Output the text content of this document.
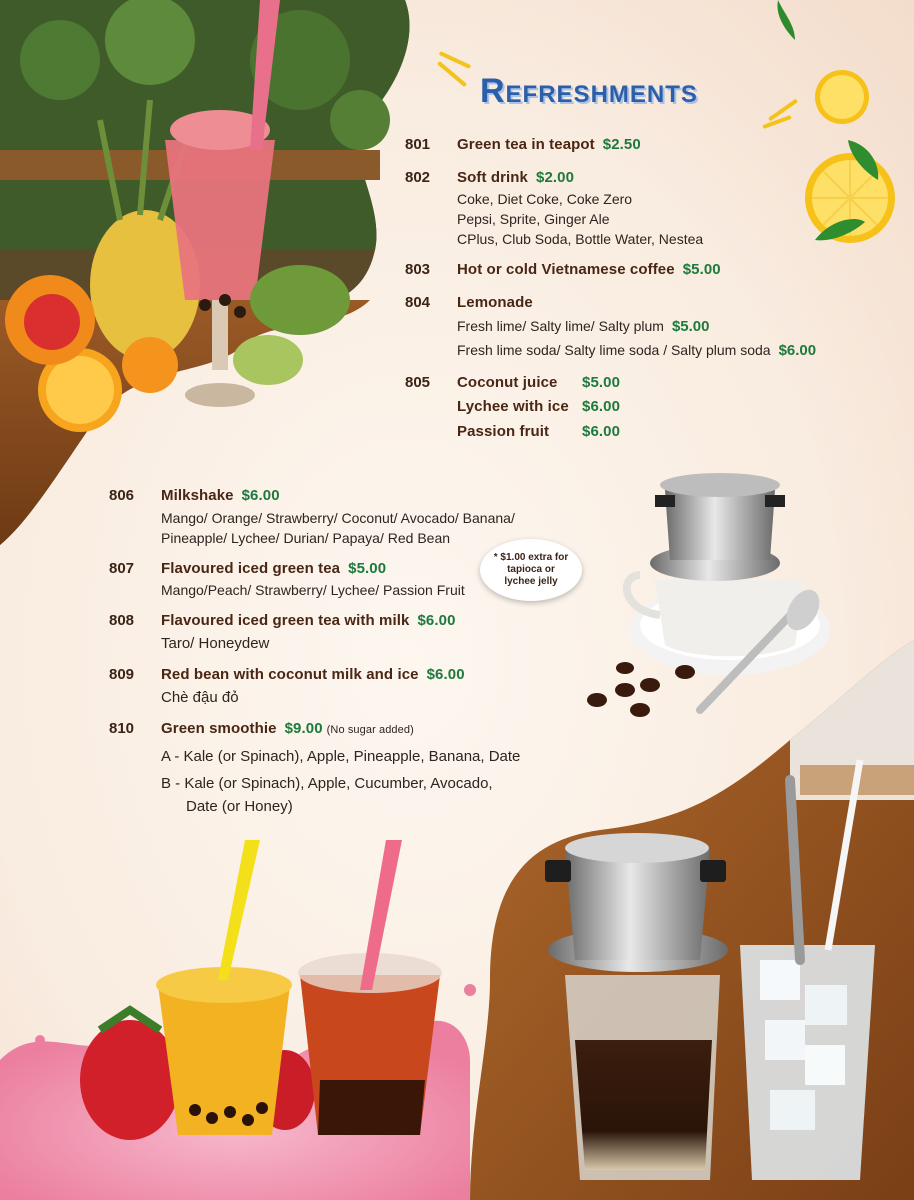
Refreshments
801 Green tea in teapot $2.50
802 Soft drink $2.00
Coke, Diet Coke, Coke Zero
Pepsi, Sprite, Ginger Ale
CPlus, Club Soda, Bottle Water, Nestea
803 Hot or cold Vietnamese coffee $5.00
804 Lemonade
Fresh lime/ Salty lime/ Salty plum $5.00
Fresh lime soda/ Salty lime soda / Salty plum soda $6.00
805 Coconut juice $5.00
Lychee with ice $6.00
Passion fruit $6.00
806 Milkshake $6.00
Mango/ Orange/ Strawberry/ Coconut/ Avocado/ Banana/
Pineapple/ Lychee/ Durian/ Papaya/ Red Bean
807 Flavoured iced green tea $5.00
Mango/Peach/ Strawberry/ Lychee/ Passion Fruit
* $1.00 extra for tapioca or lychee jelly
808 Flavoured iced green tea with milk $6.00
Taro/ Honeydew
809 Red bean with coconut milk and ice $6.00
Chè đậu đỏ
810 Green smoothie $9.00 (No sugar added)
A - Kale (or Spinach), Apple, Pineapple, Banana, Date
B - Kale (or Spinach), Apple, Cucumber, Avocado,
Date (or Honey)
